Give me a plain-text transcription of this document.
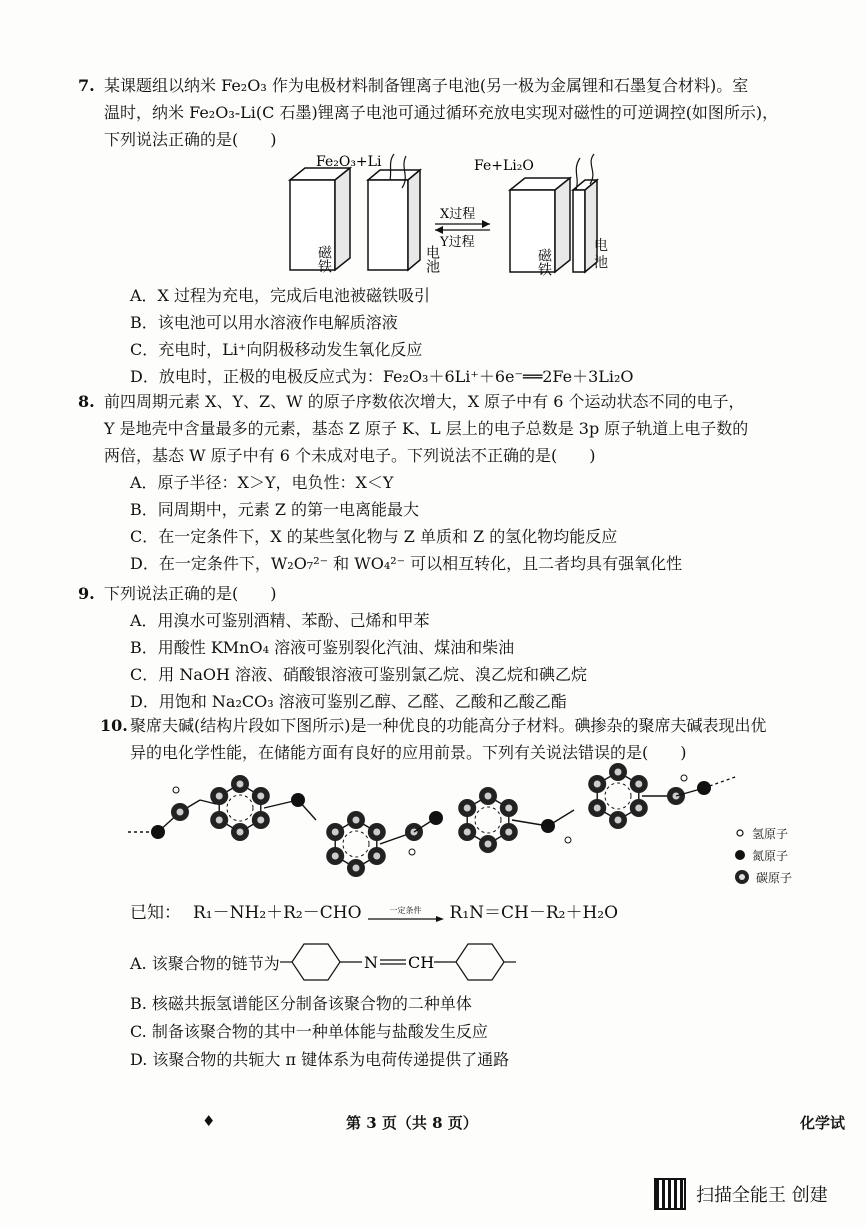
7. 某课题组以纳米 Fe₂O₃ 作为电极材料制备锂离子电池(另一极为金属锂和石墨复合材料)。室

温时，纳米 Fe₂O₃-Li(C 石墨)锂离子电池可通过循环充放电实现对磁性的可逆调控(如图所示)，

下列说法正确的是(　　)

磁铁	电池
Fe₂O₃+Li
X过程
Y过程
磁铁
Fe+Li₂O
电池
A．X 过程为充电，完成后电池被磁铁吸引
B．该电池可以用水溶液作电解质溶液
C．充电时，Li⁺向阴极移动发生氧化反应
D．放电时，正极的电极反应式为：Fe₂O₃＋6Li⁺＋6e⁻══2Fe＋3Li₂O
8. 前四周期元素 X、Y、Z、W 的原子序数依次增大，X 原子中有 6 个运动状态不同的电子，

Y 是地壳中含量最多的元素，基态 Z 原子 K、L 层上的电子总数是 3p 原子轨道上电子数的

两倍，基态 W 原子中有 6 个未成对电子。下列说法不正确的是(　　)

A．原子半径：X＞Y，电负性：X＜Y
B．同周期中，元素 Z 的第一电离能最大
C．在一定条件下，X 的某些氢化物与 Z 单质和 Z 的氢化物均能反应
D．在一定条件下，W₂O₇²⁻ 和 WO₄²⁻ 可以相互转化，且二者均具有强氧化性
9. 下列说法正确的是(　　)

A．用溴水可鉴别酒精、苯酚、己烯和甲苯
B．用酸性 KMnO₄ 溶液可鉴别裂化汽油、煤油和柴油
C．用 NaOH 溶液、硝酸银溶液可鉴别氯乙烷、溴乙烷和碘乙烷
D．用饱和 Na₂CO₃ 溶液可鉴别乙醇、乙醛、乙酸和乙酸乙酯
10. 聚席夫碱(结构片段如下图所示)是一种优良的功能高分子材料。碘掺杂的聚席夫碱表现出优

异的电化学性能，在储能方面有良好的应用前景。下列有关说法错误的是(　　)

氢原子
氮原子
碳原子
已知： R₁－NH₂＋R₂－CHO	一定条件 R₁N＝CH－R₂＋H₂O
A. 该聚合物的链节为	N CH
B. 核磁共振氢谱能区分制备该聚合物的二种单体
C. 制备该聚合物的其中一种单体能与盐酸发生反应
D. 该聚合物的共轭大 π 键体系为电荷传递提供了通路
♦	第 3 页（共 8 页）	化学试
扫描全能王 创建
